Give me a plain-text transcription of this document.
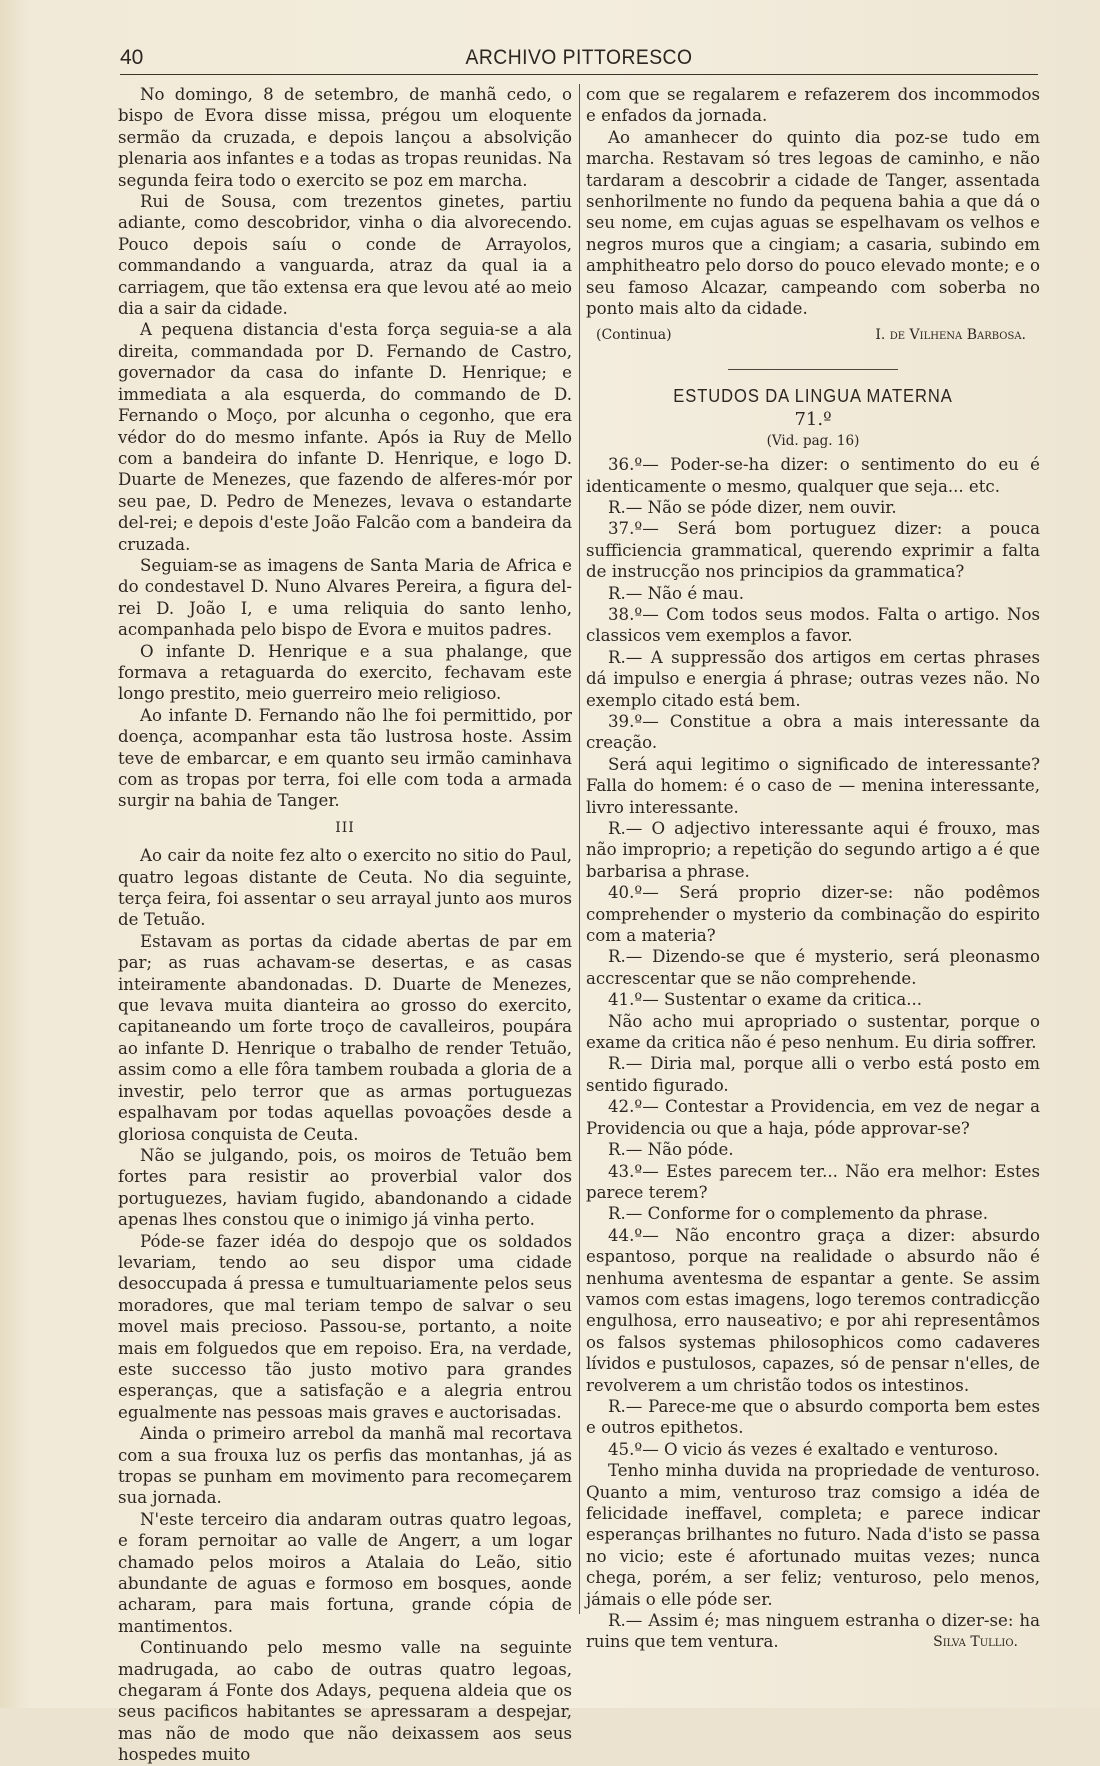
40	ARCHIVO PITTORESCO

No domingo, 8 de setembro, de manhã cedo, o bispo de Evora disse missa, prégou um eloquente sermão da cruzada, e depois lançou a absolvição plenaria aos infantes e a todas as tropas reunidas. Na segunda feira todo o exercito se poz em marcha.

Rui de Sousa, com trezentos ginetes, partiu adiante, como descobridor, vinha o dia alvorecendo. Pouco depois saíu o conde de Arrayolos, commandando a vanguarda, atraz da qual ia a carriagem, que tão extensa era que levou até ao meio dia a sair da cidade.

A pequena distancia d'esta força seguia-se a ala direita, commandada por D. Fernando de Castro, governador da casa do infante D. Henrique; e immediata a ala esquerda, do commando de D. Fernando o Moço, por alcunha o cegonho, que era védor do do mesmo infante. Após ia Ruy de Mello com a bandeira do infante D. Henrique, e logo D. Duarte de Menezes, que fazendo de alferes-mór por seu pae, D. Pedro de Menezes, levava o estandarte del-rei; e depois d'este João Falcão com a bandeira da cruzada.

Seguiam-se as imagens de Santa Maria de Africa e do condestavel D. Nuno Alvares Pereira, a figura del-rei D. João I, e uma reliquia do santo lenho, acompanhada pelo bispo de Evora e muitos padres.

O infante D. Henrique e a sua phalange, que formava a retaguarda do exercito, fechavam este longo prestito, meio guerreiro meio religioso.

Ao infante D. Fernando não lhe foi permittido, por doença, acompanhar esta tão lustrosa hoste. Assim teve de embarcar, e em quanto seu irmão caminhava com as tropas por terra, foi elle com toda a armada surgir na bahia de Tanger.

III

Ao cair da noite fez alto o exercito no sitio do Paul, quatro legoas distante de Ceuta. No dia seguinte, terça feira, foi assentar o seu arrayal junto aos muros de Tetuão.

Estavam as portas da cidade abertas de par em par; as ruas achavam-se desertas, e as casas inteiramente abandonadas. D. Duarte de Menezes, que levava muita dianteira ao grosso do exercito, capitaneando um forte troço de cavalleiros, poupára ao infante D. Henrique o trabalho de render Tetuão, assim como a elle fôra tambem roubada a gloria de a investir, pelo terror que as armas portuguezas espalhavam por todas aquellas povoações desde a gloriosa conquista de Ceuta.

Não se julgando, pois, os moiros de Tetuão bem fortes para resistir ao proverbial valor dos portuguezes, haviam fugido, abandonando a cidade apenas lhes constou que o inimigo já vinha perto.

Póde-se fazer idéa do despojo que os soldados levariam, tendo ao seu dispor uma cidade desoccupada á pressa e tumultuariamente pelos seus moradores, que mal teriam tempo de salvar o seu movel mais precioso. Passou-se, portanto, a noite mais em folguedos que em repoiso. Era, na verdade, este successo tão justo motivo para grandes esperanças, que a satisfação e a alegria entrou egualmente nas pessoas mais graves e auctorisadas.

Ainda o primeiro arrebol da manhã mal recortava com a sua frouxa luz os perfis das montanhas, já as tropas se punham em movimento para recomeçarem sua jornada.

N'este terceiro dia andaram outras quatro legoas, e foram pernoitar ao valle de Angerr, a um logar chamado pelos moiros a Atalaia do Leão, sitio abundante de aguas e formoso em bosques, aonde acharam, para mais fortuna, grande cópia de mantimentos.

Continuando pelo mesmo valle na seguinte madrugada, ao cabo de outras quatro legoas, chegaram á Fonte dos Adays, pequena aldeia que os seus pacificos habitantes se apressaram a despejar, mas não de modo que não deixassem aos seus hospedes muito

com que se regalarem e refazerem dos incommodos e enfados da jornada.

Ao amanhecer do quinto dia poz-se tudo em marcha. Restavam só tres legoas de caminho, e não tardaram a descobrir a cidade de Tanger, assentada senhorilmente no fundo da pequena bahia a que dá o seu nome, em cujas aguas se espelhavam os velhos e negros muros que a cingiam; a casaria, subindo em amphitheatro pelo dorso do pouco elevado monte; e o seu famoso Alcazar, campeando com soberba no ponto mais alto da cidade.

(Continua)	I. de Vilhena Barbosa.
ESTUDOS DA LINGUA MATERNA
71.º
(Vid. pag. 16)

36.º— Poder-se-ha dizer: o sentimento do eu é identicamente o mesmo, qualquer que seja... etc.

R.— Não se póde dizer, nem ouvir.

37.º— Será bom portuguez dizer: a pouca sufficiencia grammatical, querendo exprimir a falta de instrucção nos principios da grammatica?

R.— Não é mau.

38.º— Com todos seus modos. Falta o artigo. Nos classicos vem exemplos a favor.

R.— A suppressão dos artigos em certas phrases dá impulso e energia á phrase; outras vezes não. No exemplo citado está bem.

39.º— Constitue a obra a mais interessante da creação.

Será aqui legitimo o significado de interessante? Falla do homem: é o caso de — menina interessante, livro interessante.

R.— O adjectivo interessante aqui é frouxo, mas não improprio; a repetição do segundo artigo a é que barbarisa a phrase.

40.º— Será proprio dizer-se: não podêmos comprehender o mysterio da combinação do espirito com a materia?

R.— Dizendo-se que é mysterio, será pleonasmo accrescentar que se não comprehende.

41.º— Sustentar o exame da critica...

Não acho mui apropriado o sustentar, porque o exame da critica não é peso nenhum. Eu diria soffrer.

R.— Diria mal, porque alli o verbo está posto em sentido figurado.

42.º— Contestar a Providencia, em vez de negar a Providencia ou que a haja, póde approvar-se?

R.— Não póde.

43.º— Estes parecem ter... Não era melhor: Estes parece terem?

R.— Conforme for o complemento da phrase.

44.º— Não encontro graça a dizer: absurdo espantoso, porque na realidade o absurdo não é nenhuma aventesma de espantar a gente. Se assim vamos com estas imagens, logo teremos contradicção engulhosa, erro nauseativo; e por ahi representâmos os falsos systemas philosophicos como cadaveres lívidos e pustulosos, capazes, só de pensar n'elles, de revolverem a um christão todos os intestinos.

R.— Parece-me que o absurdo comporta bem estes e outros epithetos.

45.º— O vicio ás vezes é exaltado e venturoso.

Tenho minha duvida na propriedade de venturoso. Quanto a mim, venturoso traz comsigo a idéa de felicidade ineffavel, completa; e parece indicar esperanças brilhantes no futuro. Nada d'isto se passa no vicio; este é afortunado muitas vezes; nunca chega, porém, a ser feliz; venturoso, pelo menos, jámais o elle póde ser.

R.— Assim é; mas ninguem estranha o dizer-se: ha ruins que tem ventura.	Silva Tullio.
